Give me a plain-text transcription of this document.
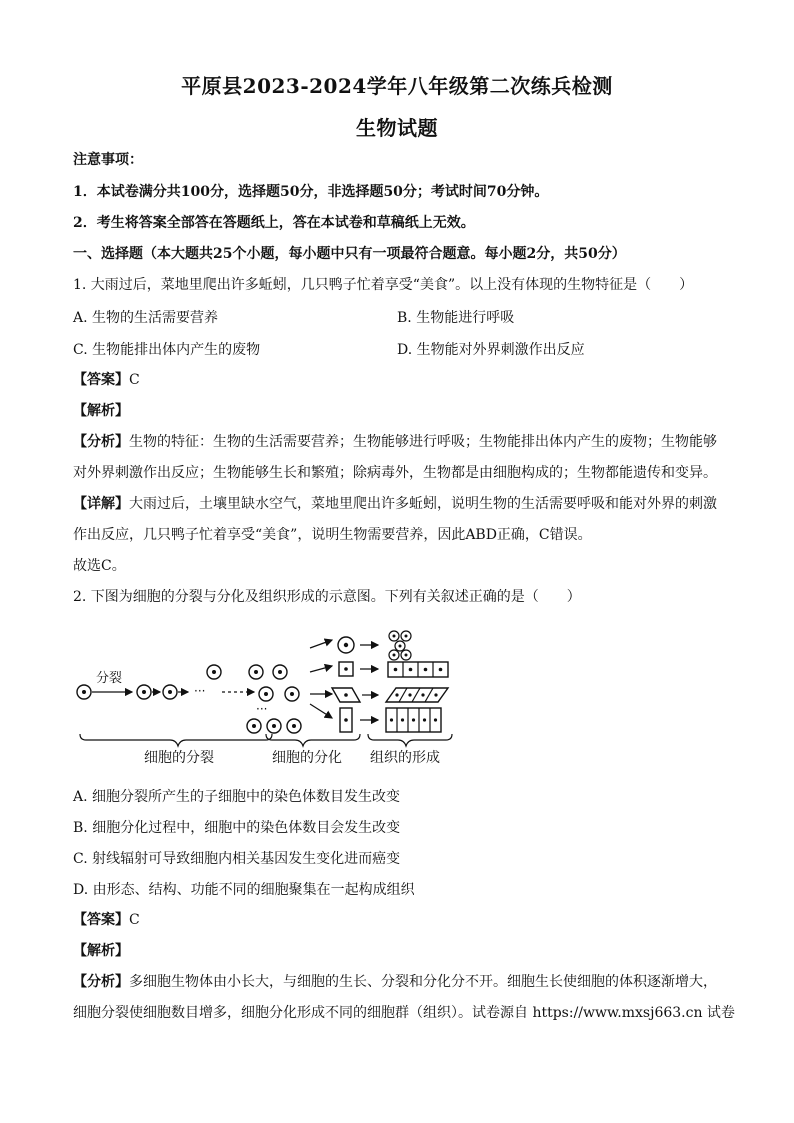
平原县2023-2024学年八年级第二次练兵检测
生物试题
注意事项：
1．本试卷满分共100分，选择题50分，非选择题50分；考试时间70分钟。
2．考生将答案全部答在答题纸上，答在本试卷和草稿纸上无效。
一、选择题（本大题共25个小题，每小题中只有一项最符合题意。每小题2分，共50分）
1. 大雨过后，菜地里爬出许多蚯蚓，几只鸭子忙着享受“美食”。以上没有体现的生物特征是（　　）
A. 生物的生活需要营养	B. 生物能进行呼吸
C. 生物能排出体内产生的废物	D. 生物能对外界刺激作出反应
【答案】C
【解析】
【分析】生物的特征：生物的生活需要营养；生物能够进行呼吸；生物能排出体内产生的废物；生物能够
对外界刺激作出反应；生物能够生长和繁殖；除病毒外，生物都是由细胞构成的；生物都能遗传和变异。
【详解】大雨过后，土壤里缺水空气，菜地里爬出许多蚯蚓，说明生物的生活需要呼吸和能对外界的刺激
作出反应，几只鸭子忙着享受“美食”，说明生物需要营养，因此ABD正确，C错误。
故选C。
2. 下图为细胞的分裂与分化及组织形成的示意图。下列有关叙述正确的是（　　）
分裂
···
···
细胞的分裂	细胞的分化 组织的形成
A. 细胞分裂所产生的子细胞中的染色体数目发生改变
B. 细胞分化过程中，细胞中的染色体数目会发生改变
C. 射线辐射可导致细胞内相关基因发生变化进而癌变
D. 由形态、结构、功能不同的细胞聚集在一起构成组织
【答案】C
【解析】
【分析】多细胞生物体由小长大，与细胞的生长、分裂和分化分不开。细胞生长使细胞的体积逐渐增大，
细胞分裂使细胞数目增多，细胞分化形成不同的细胞群（组织）。试卷源自 https://www.mxsj663.cn 试卷
